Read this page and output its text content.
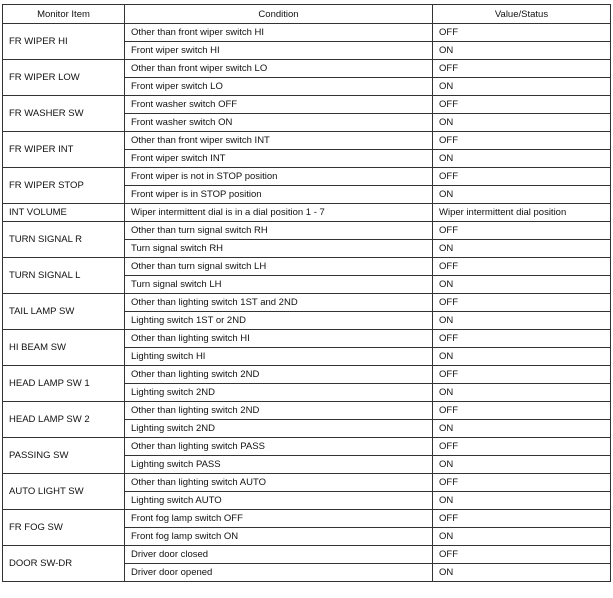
Monitor Item	Condition	Value/Status
FR WIPER HI	Other than front wiper switch HI	OFF
	Front wiper switch HI	ON
FR WIPER LOW	Other than front wiper switch LO	OFF
	Front wiper switch LO	ON
FR WASHER SW	Front washer switch OFF	OFF
	Front washer switch ON	ON
FR WIPER INT	Other than front wiper switch INT	OFF
	Front wiper switch INT	ON
FR WIPER STOP	Front wiper is not in STOP position	OFF
	Front wiper is in STOP position	ON
INT VOLUME	Wiper intermittent dial is in a dial position 1 - 7	Wiper intermittent dial position
TURN SIGNAL R	Other than turn signal switch RH	OFF
	Turn signal switch RH	ON
TURN SIGNAL L	Other than turn signal switch LH	OFF
	Turn signal switch LH	ON
TAIL LAMP SW	Other than lighting switch 1ST and 2ND	OFF
	Lighting switch 1ST or 2ND	ON
HI BEAM SW	Other than lighting switch HI	OFF
	Lighting switch HI	ON
HEAD LAMP SW 1	Other than lighting switch 2ND	OFF
	Lighting switch 2ND	ON
HEAD LAMP SW 2	Other than lighting switch 2ND	OFF
	Lighting switch 2ND	ON
PASSING SW	Other than lighting switch PASS	OFF
	Lighting switch PASS	ON
AUTO LIGHT SW	Other than lighting switch AUTO	OFF
	Lighting switch AUTO	ON
FR FOG SW	Front fog lamp switch OFF	OFF
	Front fog lamp switch ON	ON
DOOR SW-DR	Driver door closed	OFF
	Driver door opened	ON
